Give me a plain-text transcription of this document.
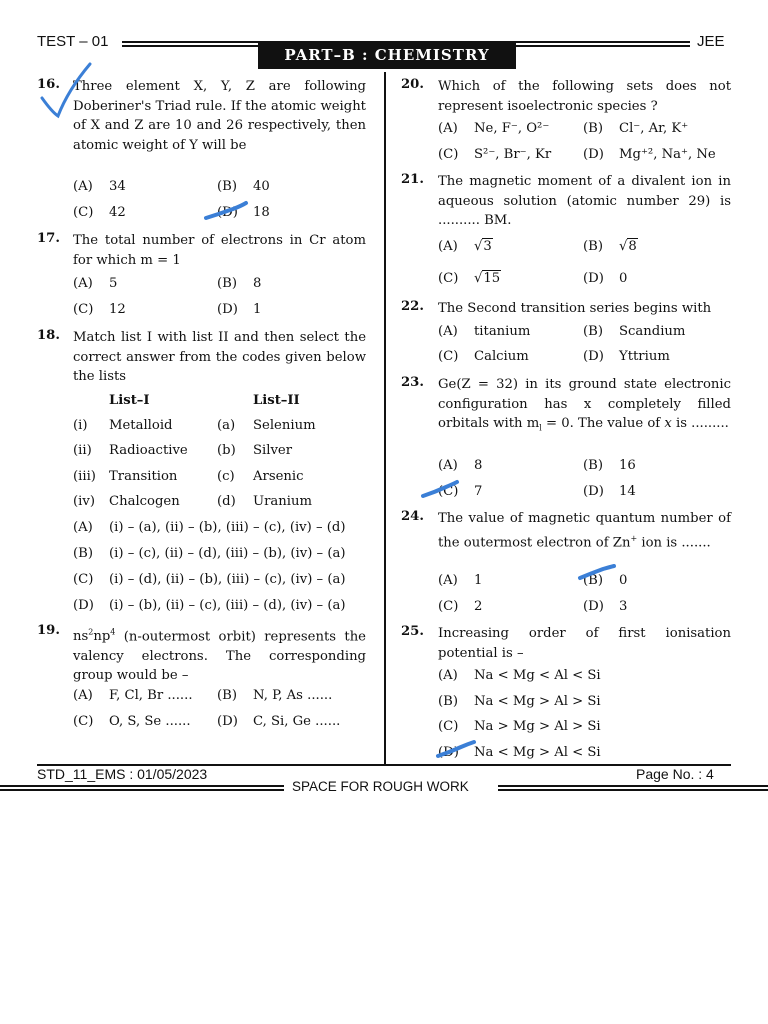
TEST – 01	JEE
PART–B : CHEMISTRY
16. Three element X, Y, Z are following Doberiner's Triad rule. If the atomic weight of X and Z are 10 and 26 respectively, then atomic weight of Y will be
(A) 34	(B) 40
(C) 42	(D) 18
17. The total number of electrons in Cr atom for which m = 1
(A) 5	(B) 8
(C) 12	(D) 1
18. Match list I with list II and then select the correct answer from the codes given below the lists
List–I	List–II
(i) Metalloid	(a) Selenium
(ii) Radioactive (b) Silver
(iii) Transition	(c) Arsenic
(iv) Chalcogen	(d) Uranium
(A) (i) – (a), (ii) – (b), (iii) – (c), (iv) – (d)
(B) (i) – (c), (ii) – (d), (iii) – (b), (iv) – (a)
(C) (i) – (d), (ii) – (b), (iii) – (c), (iv) – (a)
(D) (i) – (b), (ii) – (c), (iii) – (d), (iv) – (a)
19. $ns^2np^4$ (n-outermost orbit) represents the valency electrons. The corresponding group would be –
(A) F, Cl, Br ...... (B) N, P, As ......
(C) O, S, Se ...... (D) C, Si, Ge ......
20. Which of the following sets does not represent isoelectronic species ?
(A) Ne, F⁻, O²⁻	(B) Cl⁻, Ar, K⁺
(C) S²⁻, Br⁻, Kr (D) Mg⁺², Na⁺, Ne
21. The magnetic moment of a divalent ion in aqueous solution (atomic number 29) is .......... BM.
(A) √3	(B) √8
(C) √15	(D) 0
22. The Second transition series begins with
(A) titanium	(B) Scandium
(C) Calcium	(D) Yttrium
23. Ge(Z = 32) in its ground state electronic configuration has x completely filled orbitals with $m_l = 0$. The value of x is .........
(A) 8	(B) 16
(C) 7	(D) 14
24. The value of magnetic quantum number of the outermost electron of Zn+ ion is .......
(A) 1	(B) 0
(C) 2	(D) 3
25. Increasing order of first ionisation potential is –
(A) Na < Mg < Al < Si
(B) Na < Mg > Al > Si
(C) Na > Mg > Al > Si
(D) Na < Mg > Al < Si
STD_11_EMS : 01/05/2023	Page No. : 4
SPACE FOR ROUGH WORK
